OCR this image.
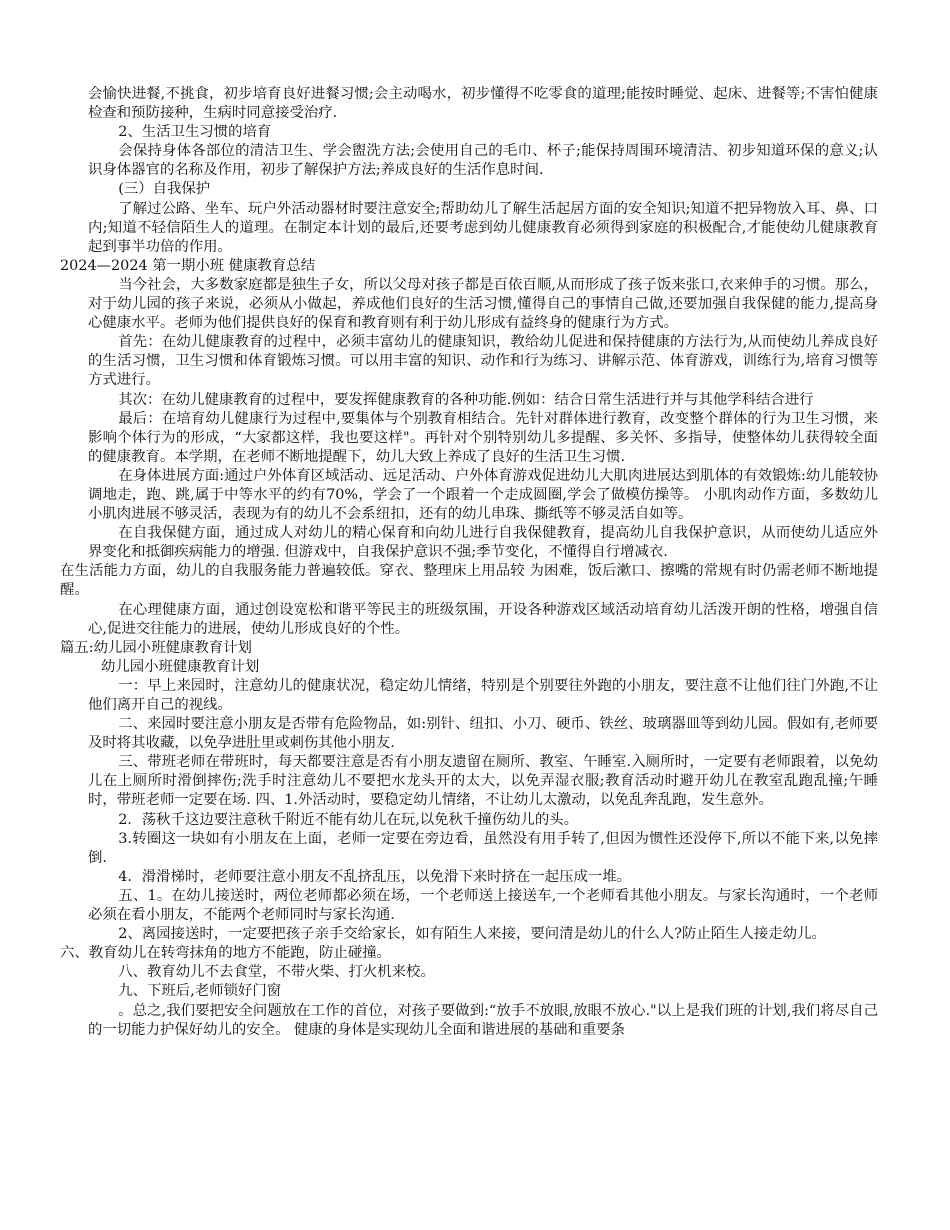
会愉快进餐,不挑食，初步培育良好进餐习惯;会主动喝水，初步懂得不吃零食的道理;能按时睡觉、起床、进餐等;不害怕健康检查和预防接种，生病时同意接受治疗.

2、生活卫生习惯的培育

会保持身体各部位的清洁卫生、学会盥洗方法;会使用自己的毛巾、杯子;能保持周围环境清洁、初步知道环保的意义;认识身体器官的名称及作用，初步了解保护方法;养成良好的生活作息时间.

(三）自我保护

了解过公路、坐车、玩户外活动器材时要注意安全;帮助幼儿了解生活起居方面的安全知识;知道不把异物放入耳、鼻、口内;知道不轻信陌生人的道理。在制定本计划的最后,还要考虑到幼儿健康教育必须得到家庭的积极配合,才能使幼儿健康教育起到事半功倍的作用。

2024—2024 第一期小班 健康教育总结

当今社会，大多数家庭都是独生子女，所以父母对孩子都是百依百顺,从而形成了孩子饭来张口,衣来伸手的习惯。那么，对于幼儿园的孩子来说，必须从小做起，养成他们良好的生活习惯,懂得自己的事情自己做,还要加强自我保健的能力,提高身心健康水平。老师为他们提供良好的保育和教育则有利于幼儿形成有益终身的健康行为方式。

首先：在幼儿健康教育的过程中，必须丰富幼儿的健康知识，教给幼儿促进和保持健康的方法行为,从而使幼儿养成良好的生活习惯，卫生习惯和体育锻炼习惯。可以用丰富的知识、动作和行为练习、讲解示范、体育游戏，训练行为,培育习惯等方式进行。

其次：在幼儿健康教育的过程中，要发挥健康教育的各种功能.例如：结合日常生活进行并与其他学科结合进行

最后：在培育幼儿健康行为过程中,要集体与个别教育相结合。先针对群体进行教育，改变整个群体的行为卫生习惯，来影响个体行为的形成，“大家都这样，我也要这样"。再针对个别特别幼儿多提醒、多关怀、多指导，使整体幼儿获得较全面的健康教育。本学期，在老师不断地提醒下，幼儿大致上养成了良好的生活卫生习惯.

在身体进展方面:通过户外体育区域活动、远足活动、户外体育游戏促进幼儿大肌肉进展达到肌体的有效锻炼:幼儿能较协调地走，跑、跳,属于中等水平的约有70%，学会了一个跟着一个走成圆圈,学会了做模仿操等。 小肌肉动作方面，多数幼儿小肌肉进展不够灵活，表现为有的幼儿不会系纽扣，还有的幼儿串珠、撕纸等不够灵活自如等。

在自我保健方面，通过成人对幼儿的精心保育和向幼儿进行自我保健教育，提高幼儿自我保护意识，从而使幼儿适应外界变化和抵御疾病能力的增强. 但游戏中，自我保护意识不强;季节变化，不懂得自行增减衣.

在生活能力方面，幼儿的自我服务能力普遍较低。穿衣、整理床上用品较 为困难，饭后漱口、擦嘴的常规有时仍需老师不断地提醒。

在心理健康方面，通过创设宽松和谐平等民主的班级氛围，开设各种游戏区域活动培育幼儿活泼开朗的性格，增强自信心,促进交往能力的进展，使幼儿形成良好的个性。

篇五:幼儿园小班健康教育计划

幼儿园小班健康教育计划

一：早上来园时，注意幼儿的健康状况，稳定幼儿情绪，特别是个别要往外跑的小朋友，要注意不让他们往门外跑,不让他们离开自己的视线。

二、来园时要注意小朋友是否带有危险物品，如:别针、纽扣、小刀、硬币、铁丝、玻璃器皿等到幼儿园。假如有,老师要及时将其收藏，以免孕进肚里或刺伤其他小朋友.

三、带班老师在带班时，每天都要注意是否有小朋友遗留在厕所、教室、午睡室.入厕所时，一定要有老师跟着，以免幼儿在上厕所时滑倒摔伤;洗手时注意幼儿不要把水龙头开的太大，以免弄湿衣服;教育活动时避开幼儿在教室乱跑乱撞;午睡时，带班老师一定要在场. 四、1.外活动时，要稳定幼儿情绪，不让幼儿太激动，以免乱奔乱跑，发生意外。

2．荡秋千这边要注意秋千附近不能有幼儿在玩,以免秋千撞伤幼儿的头。

3.转圈这一块如有小朋友在上面，老师一定要在旁边看，虽然没有用手转了,但因为惯性还没停下,所以不能下来,以免摔倒.

4．滑滑梯时，老师要注意小朋友不乱挤乱压，以免滑下来时挤在一起压成一堆。

五、1。在幼儿接送时，两位老师都必须在场，一个老师送上接送车,一个老师看其他小朋友。与家长沟通时，一个老师必须在看小朋友，不能两个老师同时与家长沟通.

2、离园接送时，一定要把孩子亲手交给家长，如有陌生人来接，要问清是幼儿的什么人?防止陌生人接走幼儿。

六、教育幼儿在转弯抹角的地方不能跑，防止碰撞。

八、教育幼儿不去食堂，不带火柴、打火机来校。

九、下班后,老师锁好门窗

。总之,我们要把安全问题放在工作的首位，对孩子要做到:“放手不放眼,放眼不放心."以上是我们班的计划,我们将尽自己的一切能力护保好幼儿的安全。 健康的身体是实现幼儿全面和谐进展的基础和重要条
